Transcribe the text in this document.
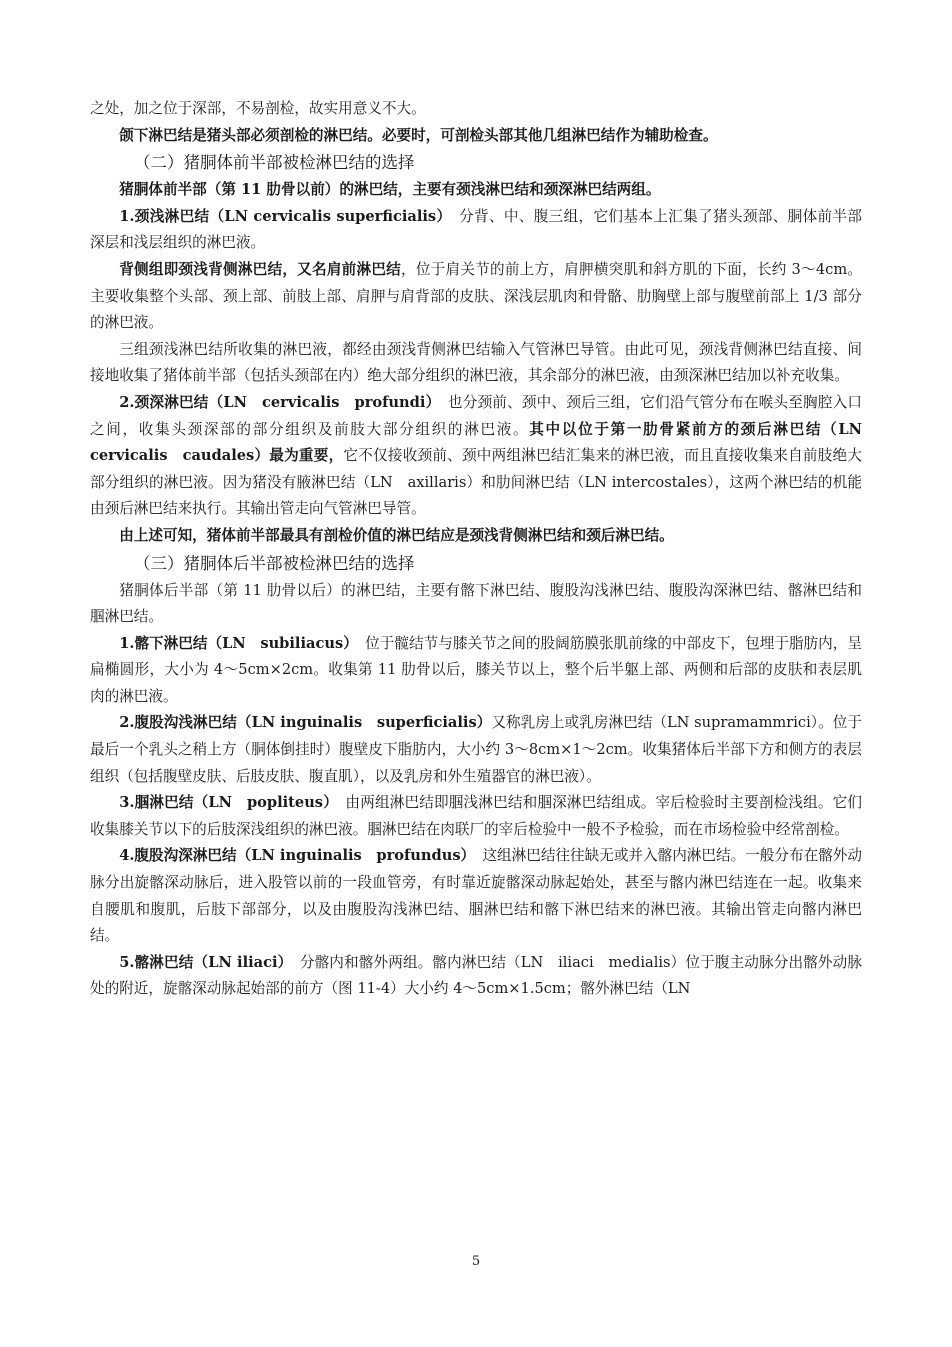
之处，加之位于深部，不易剖检，故实用意义不大。

颌下淋巴结是猪头部必须剖检的淋巴结。必要时，可剖检头部其他几组淋巴结作为辅助检查。

（二）猪胴体前半部被检淋巴结的选择

猪胴体前半部（第 11 肋骨以前）的淋巴结，主要有颈浅淋巴结和颈深淋巴结两组。

1.颈浅淋巴结（LN cervicalis superficialis）　分背、中、腹三组，它们基本上汇集了猪头颈部、胴体前半部深层和浅层组织的淋巴液。

背侧组即颈浅背侧淋巴结，又名肩前淋巴结，位于肩关节的前上方，肩胛横突肌和斜方肌的下面，长约 3～4cm。主要收集整个头部、颈上部、前肢上部、肩胛与肩背部的皮肤、深浅层肌肉和骨骼、肋胸壁上部与腹壁前部上 1/3 部分的淋巴液。

三组颈浅淋巴结所收集的淋巴液，都经由颈浅背侧淋巴结输入气管淋巴导管。由此可见，颈浅背侧淋巴结直接、间接地收集了猪体前半部（包括头颈部在内）绝大部分组织的淋巴液，其余部分的淋巴液，由颈深淋巴结加以补充收集。

2.颈深淋巴结（LN　cervicalis　profundi）　也分颈前、颈中、颈后三组，它们沿气管分布在喉头至胸腔入口之间，收集头颈深部的部分组织及前肢大部分组织的淋巴液。其中以位于第一肋骨紧前方的颈后淋巴结（LN　cervicalis　caudales）最为重要，它不仅接收颈前、颈中两组淋巴结汇集来的淋巴液，而且直接收集来自前肢绝大部分组织的淋巴液。因为猪没有腋淋巴结（LN　axillaris）和肋间淋巴结（LN intercostales），这两个淋巴结的机能由颈后淋巴结来执行。其输出管走向气管淋巴导管。

由上述可知，猪体前半部最具有剖检价值的淋巴结应是颈浅背侧淋巴结和颈后淋巴结。

（三）猪胴体后半部被检淋巴结的选择

猪胴体后半部（第 11 肋骨以后）的淋巴结，主要有髂下淋巴结、腹股沟浅淋巴结、腹股沟深淋巴结、髂淋巴结和腘淋巴结。

1.髂下淋巴结（LN　subiliacus）　位于髋结节与膝关节之间的股阔筋膜张肌前缘的中部皮下，包埋于脂肪内，呈扁椭圆形，大小为 4～5cm×2cm。收集第 11 肋骨以后，膝关节以上，整个后半躯上部、两侧和后部的皮肤和表层肌肉的淋巴液。

2.腹股沟浅淋巴结（LN inguinalis　superficialis）又称乳房上或乳房淋巴结（LN supramammrici）。位于最后一个乳头之稍上方（胴体倒挂时）腹壁皮下脂肪内，大小约 3～8cm×1～2cm。收集猪体后半部下方和侧方的表层组织（包括腹壁皮肤、后肢皮肤、腹直肌），以及乳房和外生殖器官的淋巴液）。

3.腘淋巴结（LN　popliteus）　由两组淋巴结即腘浅淋巴结和腘深淋巴结组成。宰后检验时主要剖检浅组。它们收集膝关节以下的后肢深浅组织的淋巴液。腘淋巴结在肉联厂的宰后检验中一般不予检验，而在市场检验中经常剖检。

4.腹股沟深淋巴结（LN inguinalis　profundus）　这组淋巴结往往缺无或并入髂内淋巴结。一般分布在髂外动脉分出旋髂深动脉后，进入股管以前的一段血管旁，有时靠近旋髂深动脉起始处，甚至与髂内淋巴结连在一起。收集来自腰肌和腹肌，后肢下部部分，以及由腹股沟浅淋巴结、腘淋巴结和髂下淋巴结来的淋巴液。其输出管走向髂内淋巴结。

5.髂淋巴结（LN iliaci）　分髂内和髂外两组。髂内淋巴结（LN　iliaci　medialis）位于腹主动脉分出髂外动脉处的附近，旋髂深动脉起始部的前方（图 11-4）大小约 4～5cm×1.5cm；髂外淋巴结（LN

5
